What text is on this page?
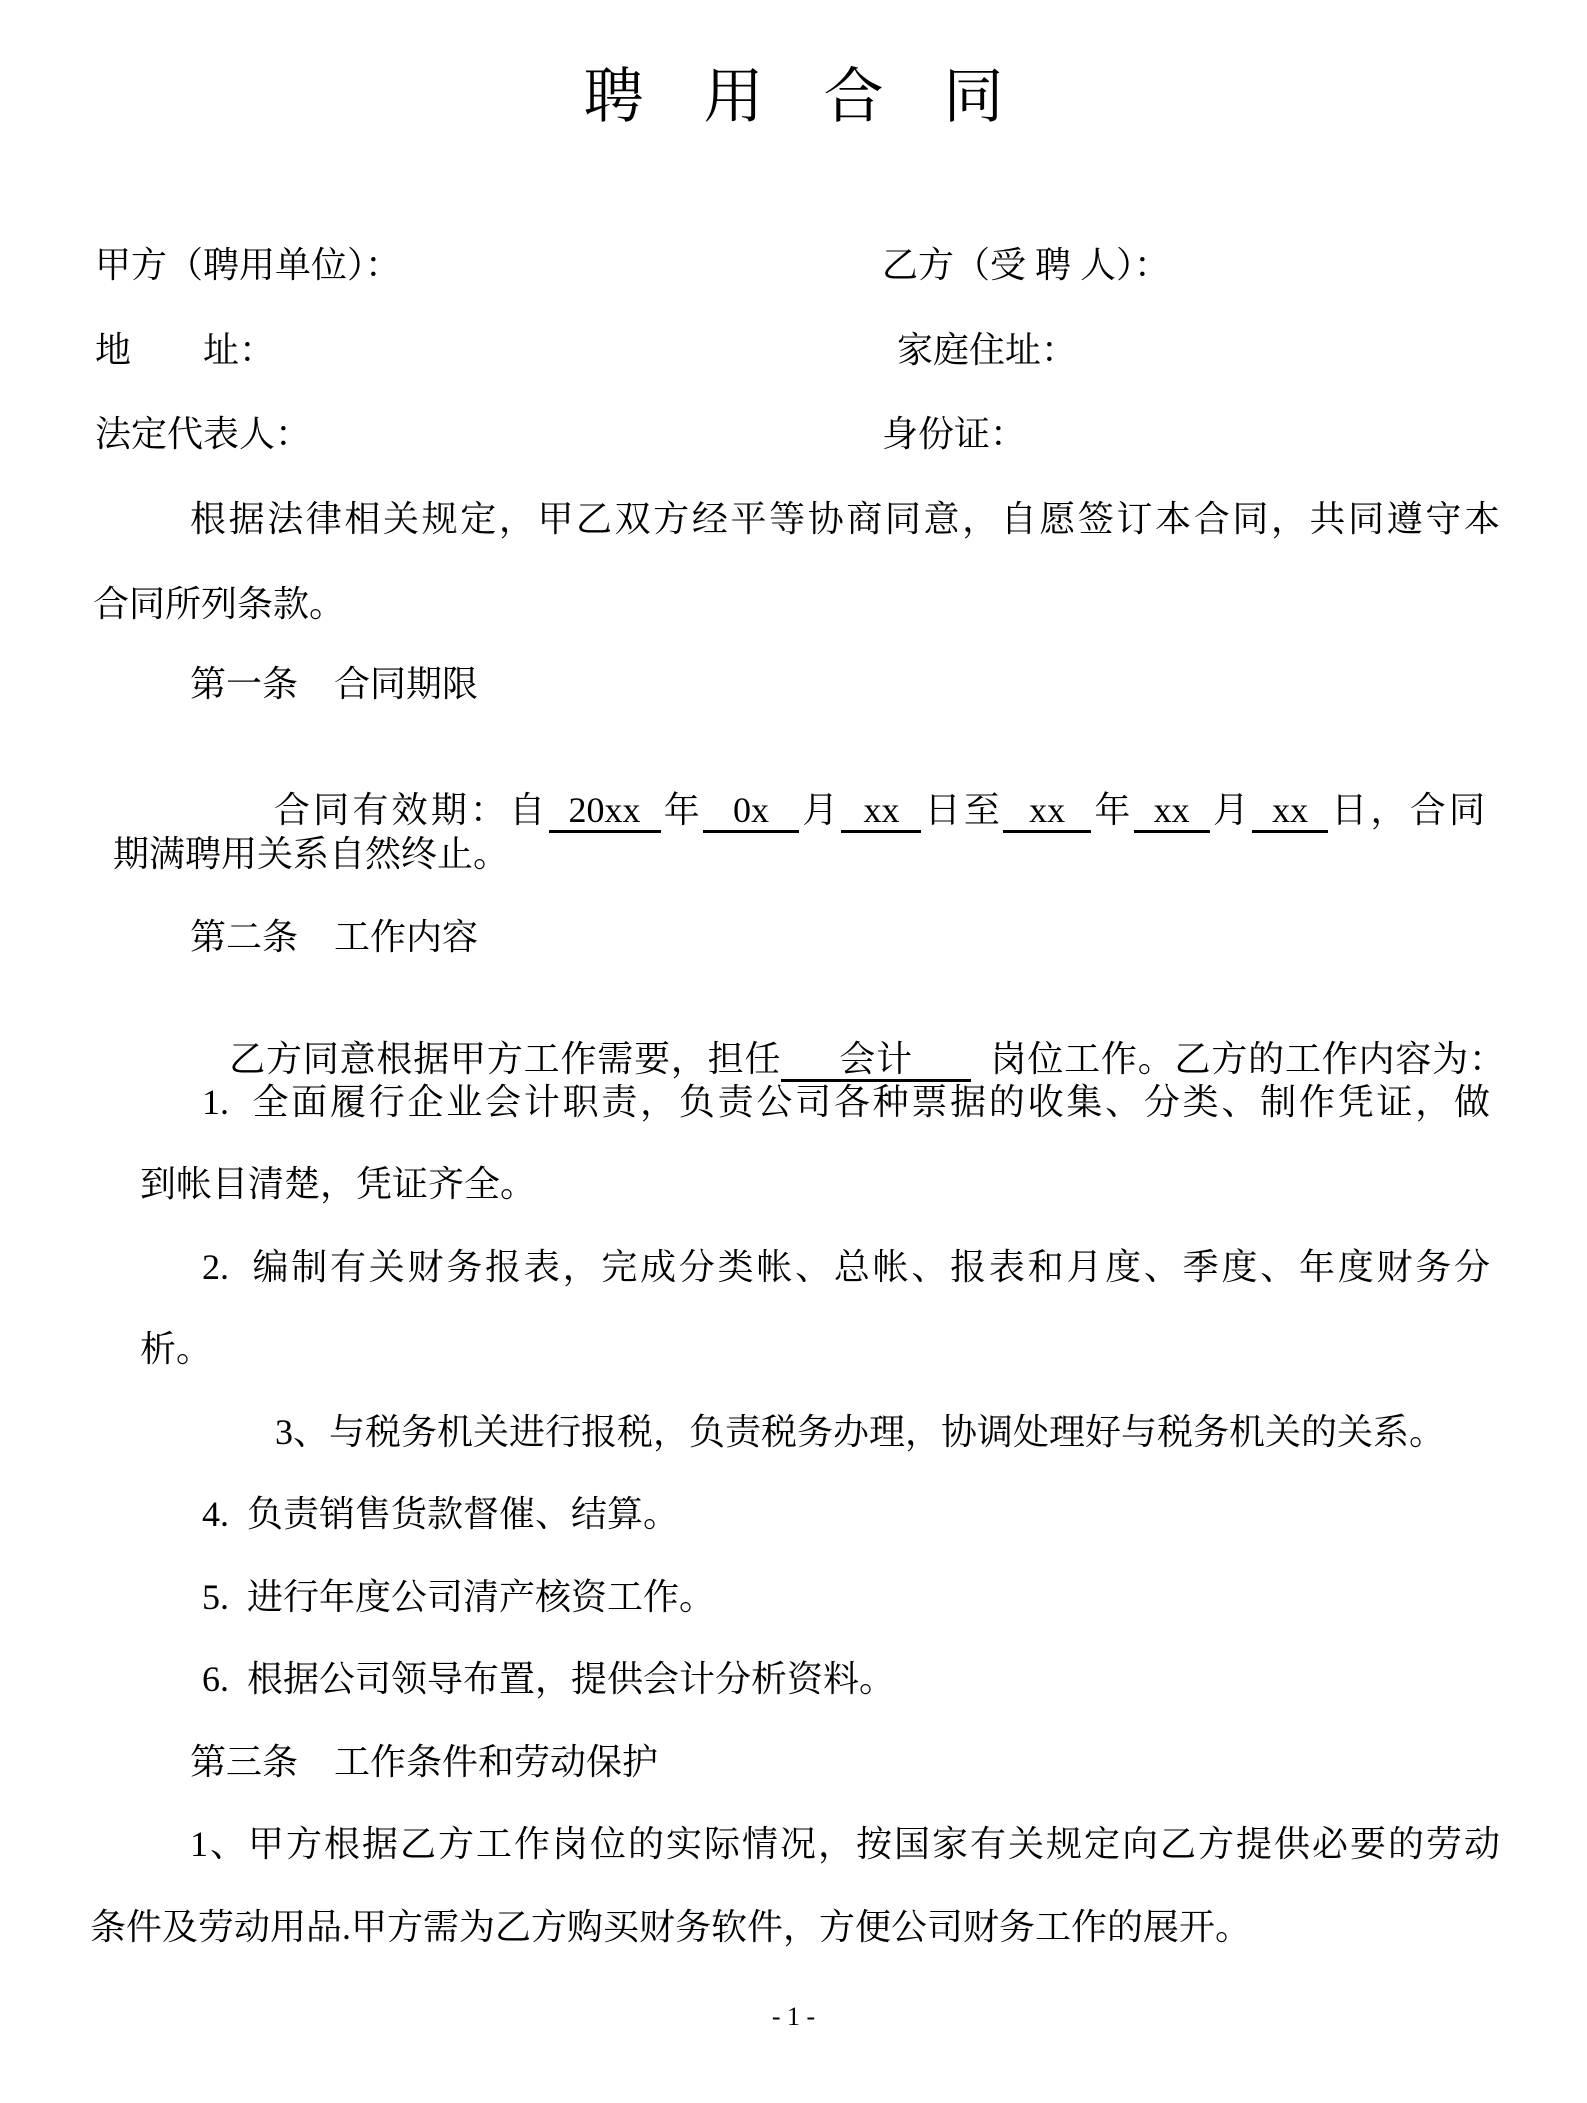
聘　用　合　同
甲方（聘用单位）：	乙方（受 聘 人）：
地　　址：	家庭住址：
法定代表人：	身份证：
根据法律相关规定，甲乙双方经平等协商同意，自愿签订本合同，共同遵守本
合同所列条款。
第一条　合同期限

合同有效期：自 20xx 年 0x 月 xx 日至 xx 年 xx 月 xx 日，合同

期满聘用关系自然终止。
第二条　工作内容

乙方同意根据甲方工作需要，担任 会计  岗位工作。乙方的工作内容为：

1.  全面履行企业会计职责，负责公司各种票据的收集、分类、制作凭证，做
到帐目清楚，凭证齐全。
2.  编制有关财务报表，完成分类帐、总帐、报表和月度、季度、年度财务分
析。
3、与税务机关进行报税，负责税务办理，协调处理好与税务机关的关系。
4.  负责销售货款督催、结算。
5.  进行年度公司清产核资工作。
6.  根据公司领导布置，提供会计分析资料。
第三条　工作条件和劳动保护
1、甲方根据乙方工作岗位的实际情况，按国家有关规定向乙方提供必要的劳动
条件及劳动用品.甲方需为乙方购买财务软件，方便公司财务工作的展开。
- 1 -
